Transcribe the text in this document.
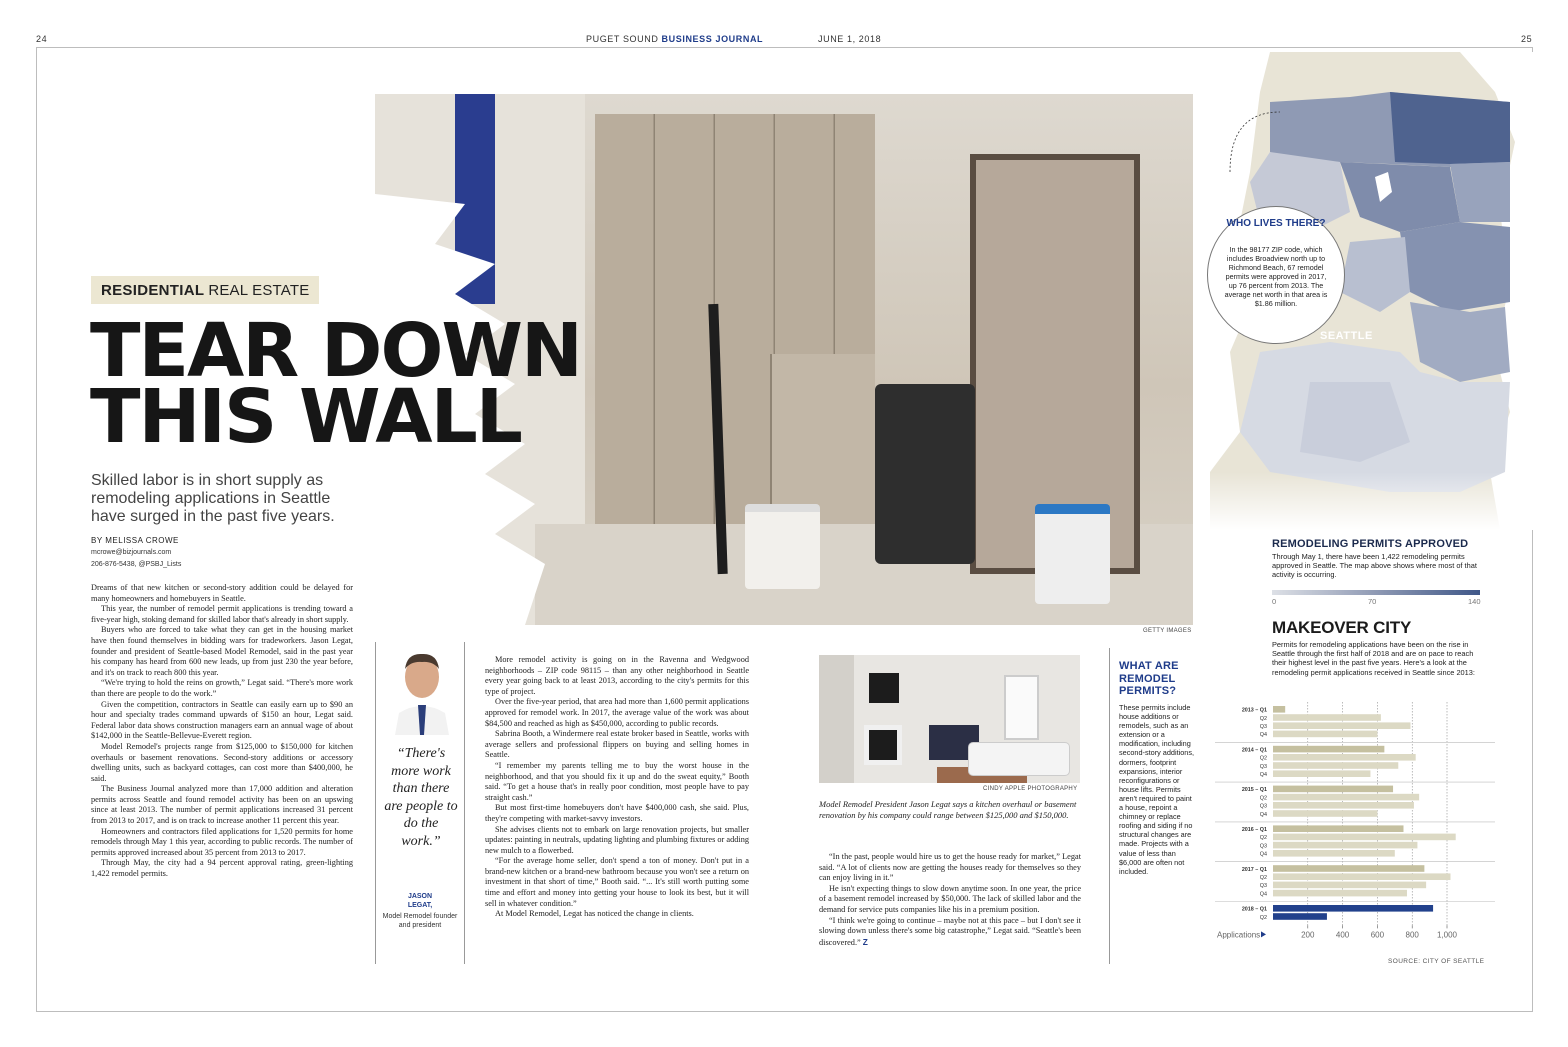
24	PUGET SOUND BUSINESS JOURNAL	JUNE 1, 2018	25
GETTY IMAGES
RESIDENTIAL REAL ESTATE
TEAR DOWN
THIS WALL
Skilled labor is in short supply as remodeling applications in Seattle have surged in the past five years.
BY MELISSA CROWE
mcrowe@bizjournals.com
206-876-5438, @PSBJ_Lists

Dreams of that new kitchen or second-story addition could be delayed for many homeowners and homebuyers in Seattle.

This year, the number of remodel permit applications is trending toward a five-year high, stoking demand for skilled labor that's already in short supply.

Buyers who are forced to take what they can get in the housing market have then found themselves in bidding wars for tradeworkers. Jason Legat, founder and president of Seattle-based Model Remodel, said in the past year his company has heard from 600 new leads, up from just 230 the year before, and it's on track to reach 800 this year.

“We're trying to hold the reins on growth,” Legat said. “There's more work than there are people to do the work.”

Given the competition, contractors in Seattle can easily earn up to $90 an hour and specialty trades command upwards of $150 an hour, Legat said. Federal labor data shows construction managers earn an annual wage of about $142,000 in the Seattle-Bellevue-Everett region.

Model Remodel's projects range from $125,000 to $150,000 for kitchen overhauls or basement renovations. Second-story additions or accessory dwelling units, such as backyard cottages, can cost more than $400,000, he said.

The Business Journal analyzed more than 17,000 addition and alteration permits across Seattle and found remodel activity has been on an upswing since at least 2013. The number of permit applications increased 31 percent from 2013 to 2017, and is on track to increase another 11 percent this year.

Homeowners and contractors filed applications for 1,520 permits for home remodels through May 1 this year, according to public records. The number of permits approved increased about 35 percent from 2013 to 2017.

Through May, the city had a 94 percent approval rating, green-lighting 1,422 remodel permits.

“There's more work than there are people to do the work.”
JASON
LEGAT,
Model Remodel founder and president

More remodel activity is going on in the Ravenna and Wedgwood neighborhoods – ZIP code 98115 – than any other neighborhood in Seattle every year going back to at least 2013, according to the city's permits for this type of project.

Over the five-year period, that area had more than 1,600 permit applications approved for remodel work. In 2017, the average value of the work was about $84,500 and reached as high as $450,000, according to public records.

Sabrina Booth, a Windermere real estate broker based in Seattle, works with average sellers and professional flippers on buying and selling homes in Seattle.

“I remember my parents telling me to buy the worst house in the neighborhood, and that you should fix it up and do the sweat equity,” Booth said. “To get a house that's in really poor condition, most people have to pay straight cash.”

But most first-time homebuyers don't have $400,000 cash, she said. Plus, they're competing with market-savvy investors.

She advises clients not to embark on large renovation projects, but smaller updates: painting in neutrals, updating lighting and plumbing fixtures or adding new mulch to a flowerbed.

“For the average home seller, don't spend a ton of money. Don't put in a brand-new kitchen or a brand-new bathroom because you won't see a return on investment in that short of time,” Booth said. “... It's still worth putting some time and effort and money into getting your house to look its best, but it will sell in whatever condition.”

At Model Remodel, Legat has noticed the change in clients.

CINDY APPLE PHOTOGRAPHY
Model Remodel President Jason Legat says a kitchen overhaul or basement renovation by his company could range between $125,000 and $150,000.

“In the past, people would hire us to get the house ready for market,” Legat said. “A lot of clients now are getting the houses ready for themselves so they can enjoy living in it.”

He isn't expecting things to slow down anytime soon. In one year, the price of a basement remodel increased by $50,000. The lack of skilled labor and the demand for service puts companies like his in a premium position.

“I think we're going to continue – maybe not at this pace – but I don't see it slowing down unless there's some big catastrophe,” Legat said. “Seattle's been discovered.” Z

WHAT ARE REMODEL PERMITS?
These permits include house additions or remodels, such as an extension or a modification, including second-story additions, dormers, footprint expansions, interior reconfigurations or house lifts. Permits aren't required to paint a house, repoint a chimney or replace roofing and siding if no structural changes are made. Projects with a value of less than $6,000 are often not included.
SEATTLE
WHO LIVES THERE?
In the 98177 ZIP code, which includes Broadview north up to Richmond Beach, 67 remodel permits were approved in 2017, up 76 percent from 2013. The average net worth in that area is $1.86 million.
REMODELING PERMITS APPROVED
Through May 1, there have been 1,422 remodeling permits approved in Seattle. The map above shows where most of that activity is occurring.
0	70	140
MAKEOVER CITY
Permits for remodeling applications have been on the rise in Seattle through the first half of 2018 and are on pace to reach their highest level in the past five years. Here's a look at the remodeling permit applications received in Seattle since 2013:
2013 – Q1
Q2
Q3
Q4
2014 – Q1
Q2
Q3
Q4
2015 – Q1
Q2
Q3
Q4
2016 – Q1
Q2
Q3
Q4
2017 – Q1
Q2
Q3
Q4
2018 – Q1
Q2
200	400	600	800 1,000
Applications
SOURCE: CITY OF SEATTLE
